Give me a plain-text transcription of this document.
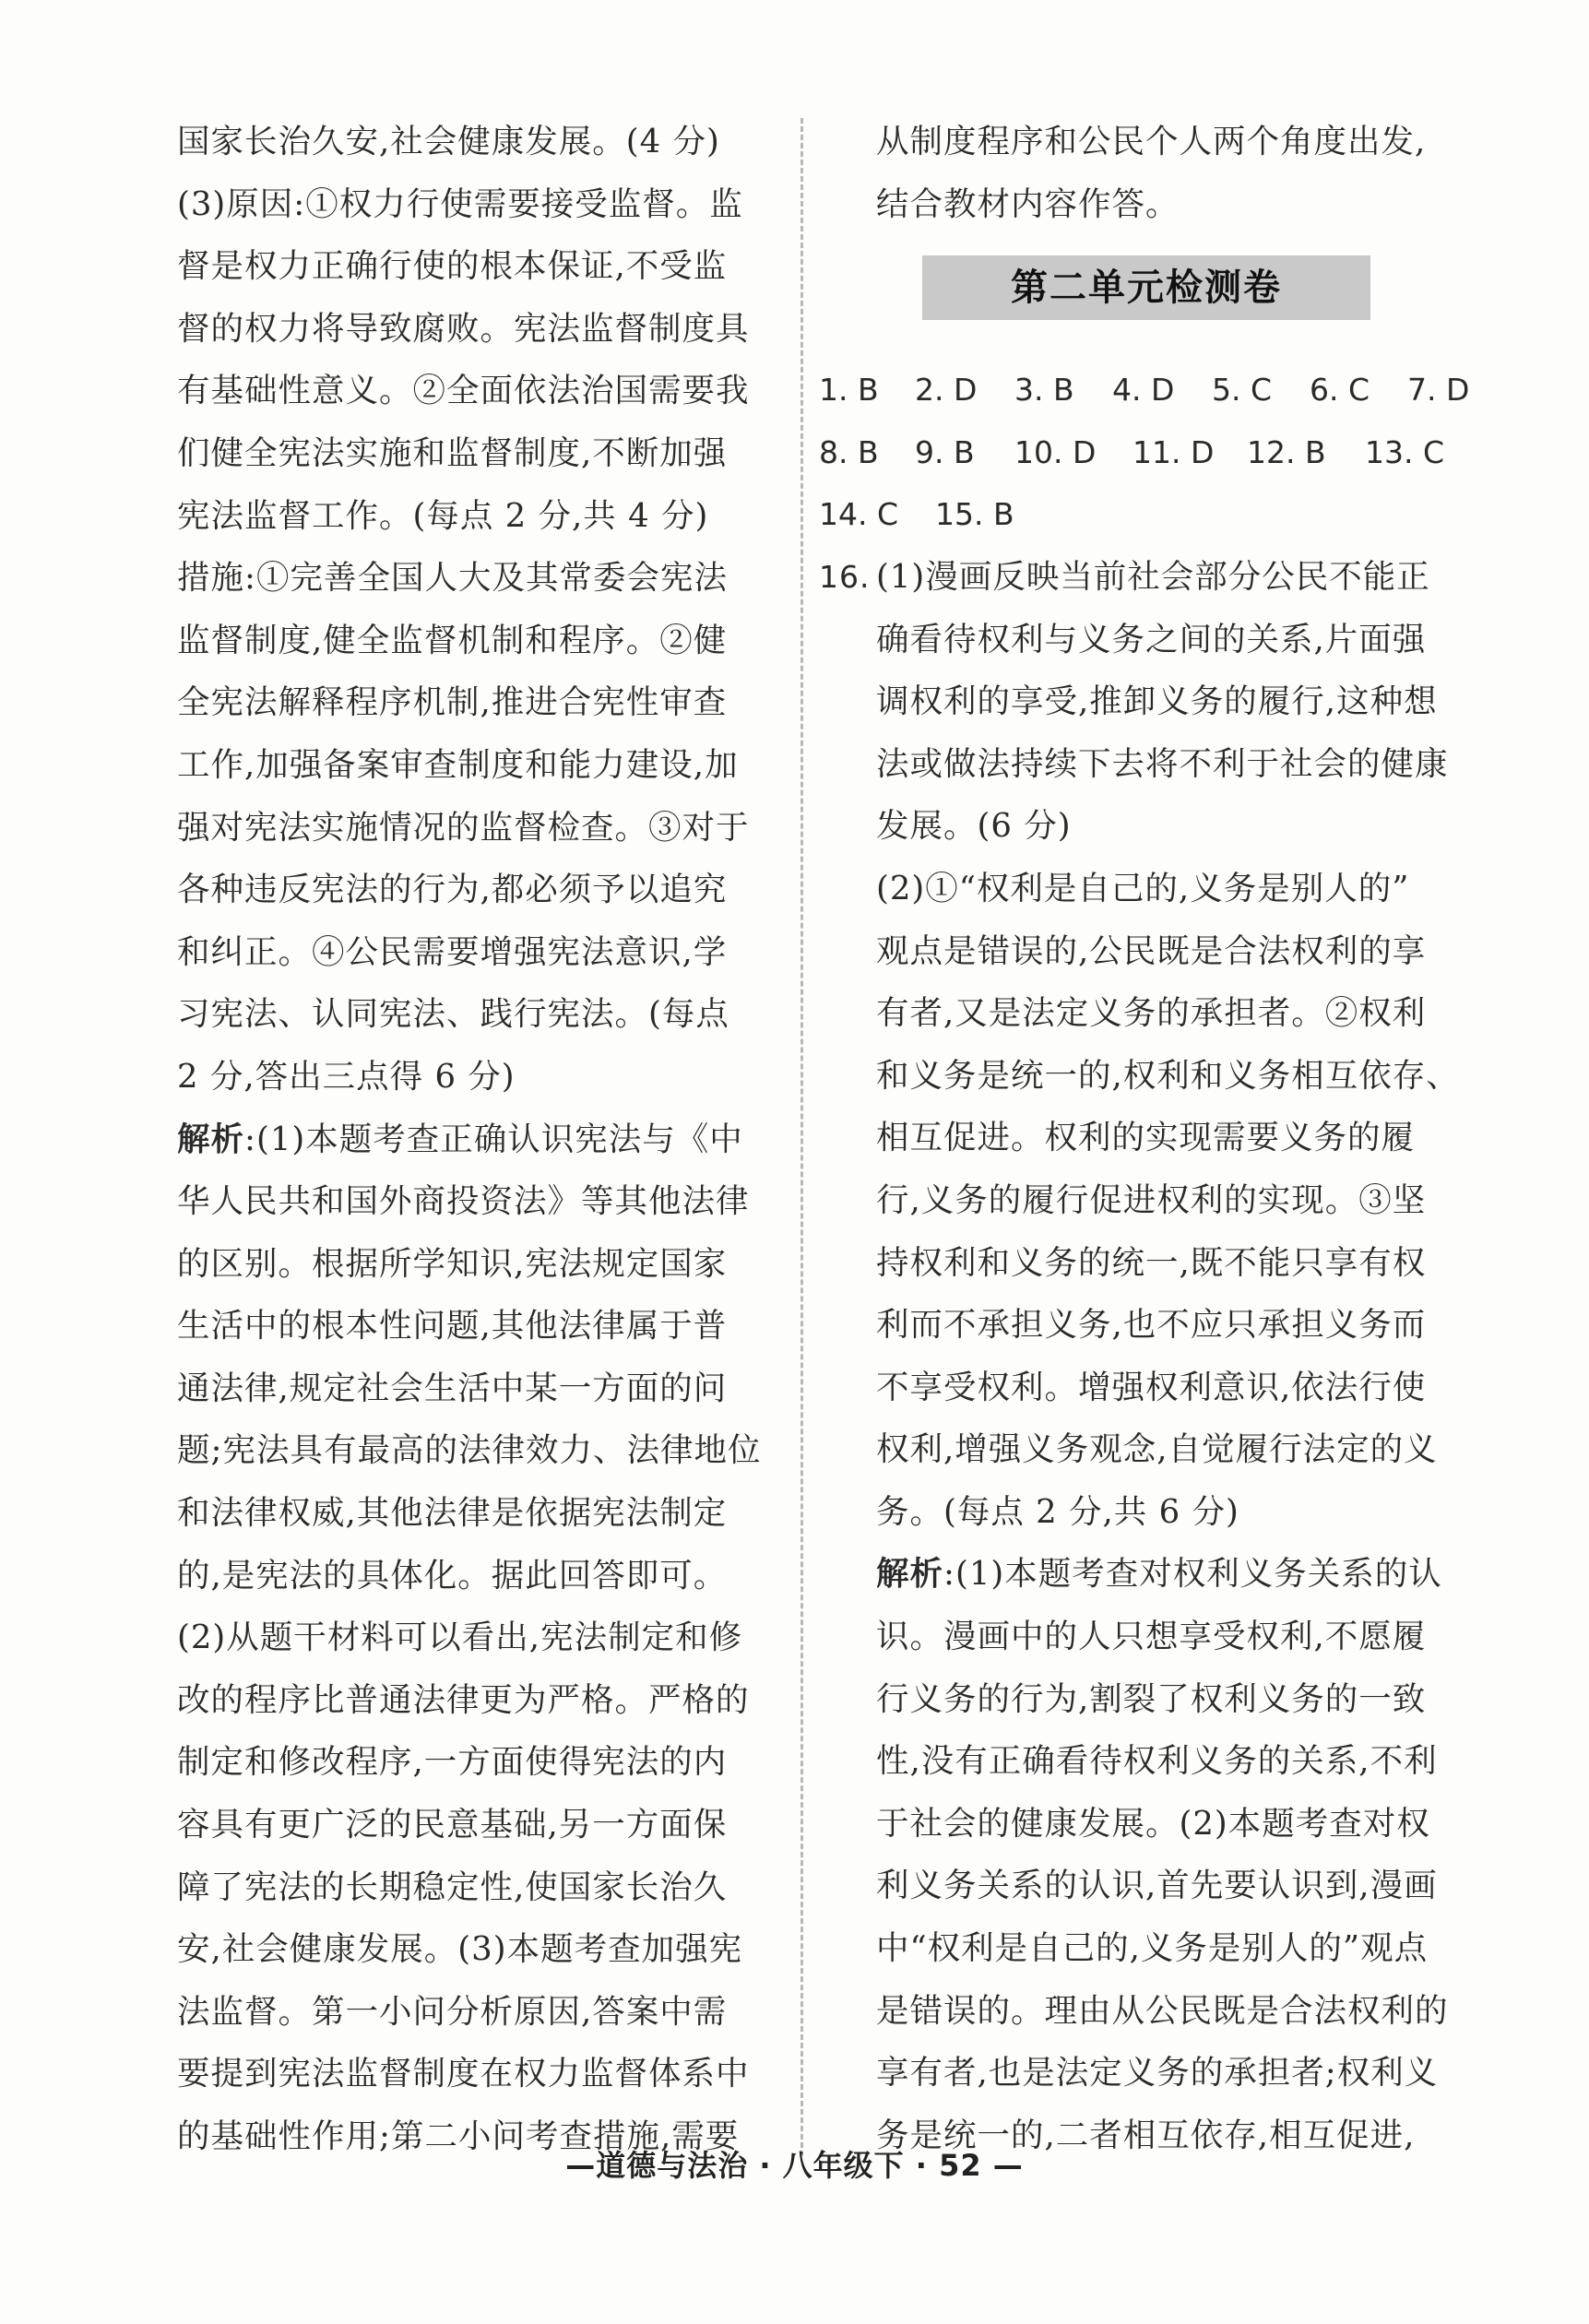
国家长治久安,社会健康发展。(4 分)
(3)原因:①权力行使需要接受监督。监
督是权力正确行使的根本保证,不受监
督的权力将导致腐败。宪法监督制度具
有基础性意义。②全面依法治国需要我
们健全宪法实施和监督制度,不断加强
宪法监督工作。(每点 2 分,共 4 分)
措施:①完善全国人大及其常委会宪法
监督制度,健全监督机制和程序。②健
全宪法解释程序机制,推进合宪性审查
工作,加强备案审查制度和能力建设,加
强对宪法实施情况的监督检查。③对于
各种违反宪法的行为,都必须予以追究
和纠正。④公民需要增强宪法意识,学
习宪法、认同宪法、践行宪法。(每点
2 分,答出三点得 6 分)
解析:(1)本题考查正确认识宪法与《中
华人民共和国外商投资法》等其他法律
的区别。根据所学知识,宪法规定国家
生活中的根本性问题,其他法律属于普
通法律,规定社会生活中某一方面的问
题;宪法具有最高的法律效力、法律地位
和法律权威,其他法律是依据宪法制定
的,是宪法的具体化。据此回答即可。
(2)从题干材料可以看出,宪法制定和修
改的程序比普通法律更为严格。严格的
制定和修改程序,一方面使得宪法的内
容具有更广泛的民意基础,另一方面保
障了宪法的长期稳定性,使国家长治久
安,社会健康发展。(3)本题考查加强宪
法监督。第一小问分析原因,答案中需
要提到宪法监督制度在权力监督体系中
的基础性作用;第二小问考查措施,需要
从制度程序和公民个人两个角度出发,
结合教材内容作答。
第二单元检测卷
1. B 2. D 3. B 4. D 5. C 6. C 7. D
8. B 9. B 10. D 11. D 12. B 13. C
14. C 15. B
16. (1)漫画反映当前社会部分公民不能正
确看待权利与义务之间的关系,片面强
调权利的享受,推卸义务的履行,这种想
法或做法持续下去将不利于社会的健康
发展。(6 分)
(2)①“权利是自己的,义务是别人的”
观点是错误的,公民既是合法权利的享
有者,又是法定义务的承担者。②权利
和义务是统一的,权利和义务相互依存、
相互促进。权利的实现需要义务的履
行,义务的履行促进权利的实现。③坚
持权利和义务的统一,既不能只享有权
利而不承担义务,也不应只承担义务而
不享受权利。增强权利意识,依法行使
权利,增强义务观念,自觉履行法定的义
务。(每点 2 分,共 6 分)
解析:(1)本题考查对权利义务关系的认
识。漫画中的人只想享受权利,不愿履
行义务的行为,割裂了权利义务的一致
性,没有正确看待权利义务的关系,不利
于社会的健康发展。(2)本题考查对权
利义务关系的认识,首先要认识到,漫画
中“权利是自己的,义务是别人的”观点
是错误的。理由从公民既是合法权利的
享有者,也是法定义务的承担者;权利义
务是统一的,二者相互依存,相互促进,
—道德与法治 · 八年级下 · 52 —
